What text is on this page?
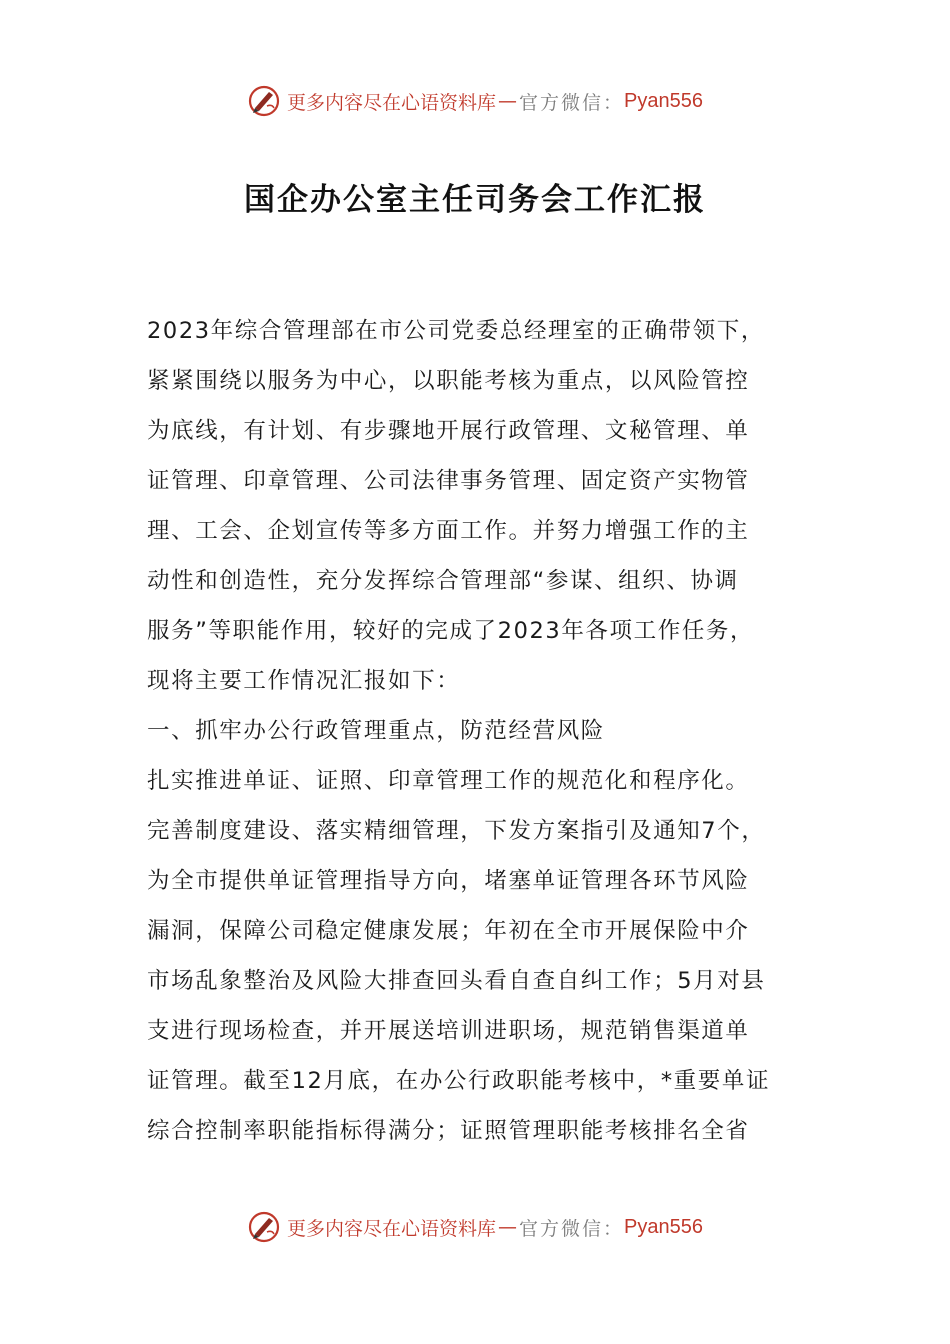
更多内容尽在心语资料库 — 官方微信： Pyan556
国企办公室主任司务会工作汇报
2023年综合管理部在市公司党委总经理室的正确带领下，
紧紧围绕以服务为中心，以职能考核为重点，以风险管控
为底线，有计划、有步骤地开展行政管理、文秘管理、单
证管理、印章管理、公司法律事务管理、固定资产实物管
理、工会、企划宣传等多方面工作。并努力增强工作的主
动性和创造性，充分发挥综合管理部“参谋、组织、协调
服务”等职能作用，较好的完成了2023年各项工作任务，
现将主要工作情况汇报如下：
一、抓牢办公行政管理重点，防范经营风险
扎实推进单证、证照、印章管理工作的规范化和程序化。
完善制度建设、落实精细管理，下发方案指引及通知7个，
为全市提供单证管理指导方向，堵塞单证管理各环节风险
漏洞，保障公司稳定健康发展；年初在全市开展保险中介
市场乱象整治及风险大排查回头看自查自纠工作；5月对县
支进行现场检查，并开展送培训进职场，规范销售渠道单
证管理。截至12月底，在办公行政职能考核中，*重要单证
综合控制率职能指标得满分；证照管理职能考核排名全省
更多内容尽在心语资料库 — 官方微信： Pyan556
